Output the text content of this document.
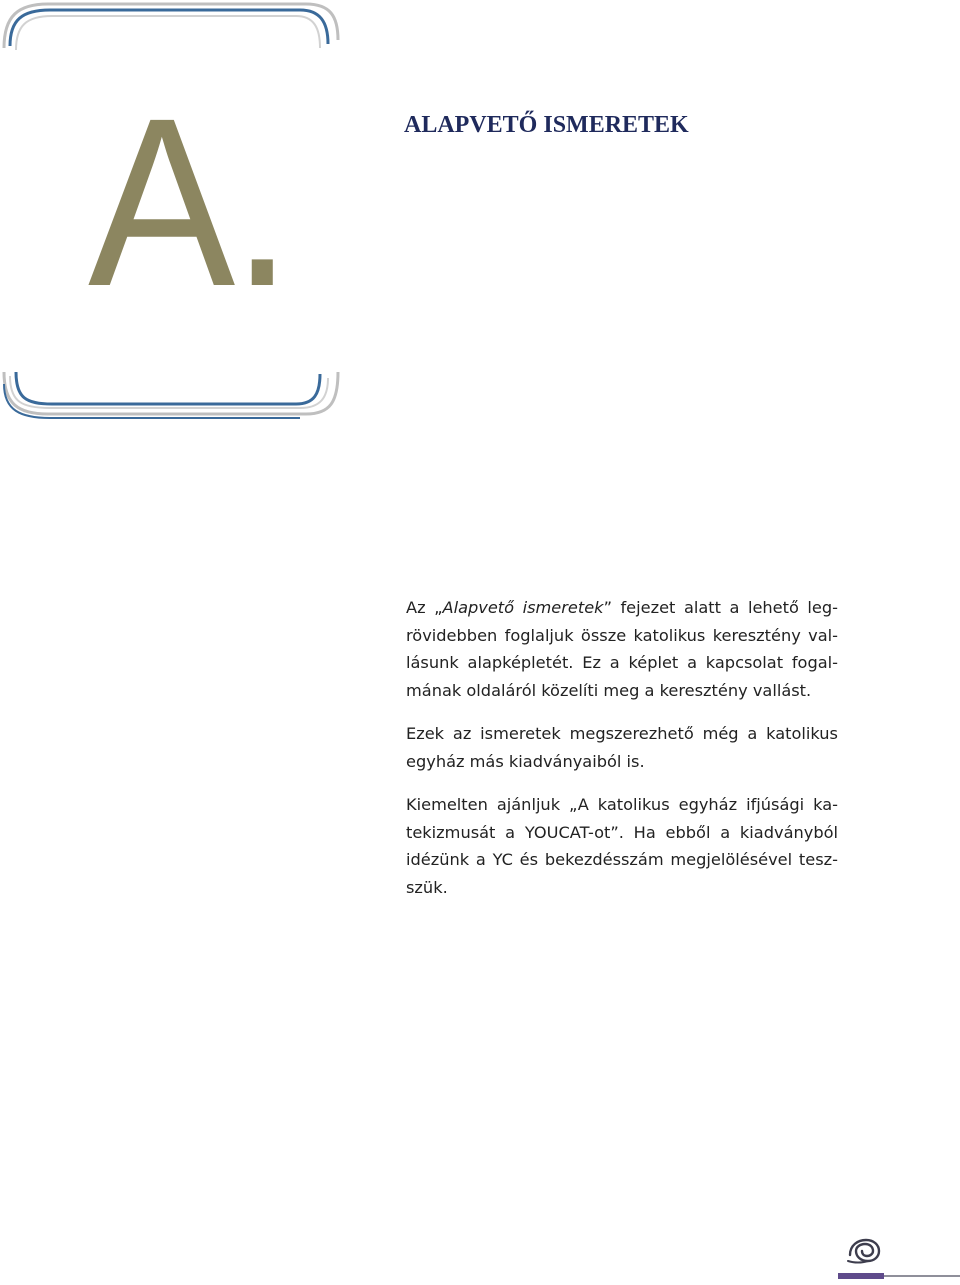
A.	ALAPVETŐ ISMERETEK

Az „Alapvető ismeretek” fejezet alatt a lehető legrövidebben foglaljuk össze katolikus keresztény vallásunk alapképletét. Ez a képlet a kapcsolat fogalmának oldaláról közelíti meg a keresztény vallást.

Ezek az ismeretek megszerezhető még a katolikus egyház más kiadványaiból is.

Kiemelten ajánljuk „A katolikus egyház ifjúsági katekizmusát a YOUCAT-ot”. Ha ebből a kiadványból idézünk a YC és bekezdésszám megjelölésével teszszük.
